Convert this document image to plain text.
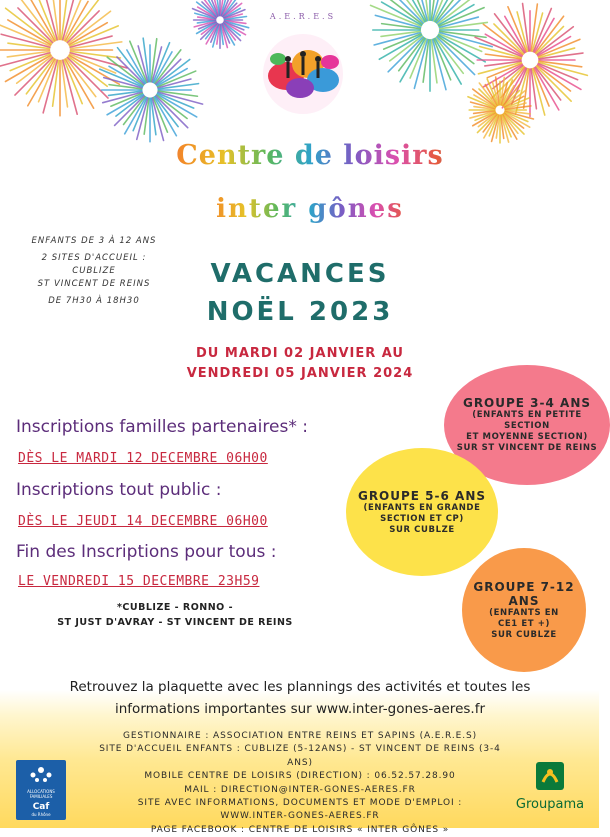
A.E.R.E.S
Centre de loisirs
inter gônes
ENFANTS DE 3 À 12 ANS
2 SITES D'ACCUEIL :
CUBLIZE
ST VINCENT DE REINS
DE 7H30 À 18H30
VACANCES
NOËL 2023
DU MARDI 02 JANVIER AU
VENDREDI 05 JANVIER 2024
Inscriptions familles partenaires* :
DÈS LE MARDI 12 DECEMBRE 06H00
Inscriptions tout public :
DÈS LE JEUDI 14 DECEMBRE 06H00
Fin des Inscriptions pour tous :
LE VENDREDI 15 DECEMBRE 23H59
*CUBLIZE - RONNO -
ST JUST D'AVRAY - ST VINCENT DE REINS
GROUPE 3-4 ANS
(ENFANTS EN PETITE
SECTION
ET MOYENNE SECTION)
SUR ST VINCENT DE REINS
GROUPE 5-6 ANS
(ENFANTS EN GRANDE
SECTION ET CP)
SUR CUBLZE
GROUPE 7-12
ANS
(ENFANTS EN
CE1 ET +)
SUR CUBLZE
Retrouvez la plaquette avec les plannings des activités et toutes les
informations importantes sur www.inter-gones-aeres.fr
GESTIONNAIRE : ASSOCIATION ENTRE REINS ET SAPINS (A.E.R.E.S)
SITE D'ACCUEIL ENFANTS : CUBLIZE (5-12ANS) - ST VINCENT DE REINS (3-4 ANS)
MOBILE CENTRE DE LOISIRS (DIRECTION) : 06.52.57.28.90
MAIL : DIRECTION@INTER-GONES-AERES.FR
SITE AVEC INFORMATIONS, DOCUMENTS ET MODE D'EMPLOI :
WWW.INTER-GONES-AERES.FR
PAGE FACEBOOK : CENTRE DE LOISIRS « INTER GÔNES »
ALLOCATIONS
FAMILIALES
Caf
du Rhône
Groupama
